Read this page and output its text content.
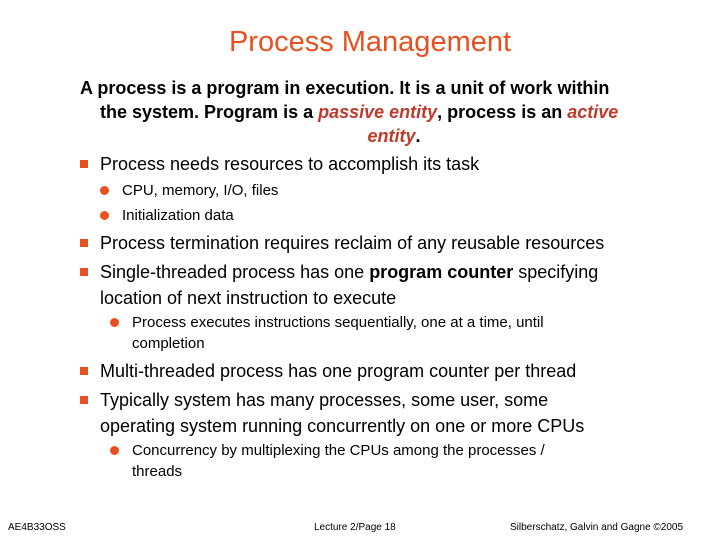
Process Management
A process is a program in execution. It is a unit of work within
the system. Program is a passive entity, process is an active
entity.
Process needs resources to accomplish its task
CPU, memory, I/O, files
Initialization data
Process termination requires reclaim of any reusable resources
Single-threaded process has one program counter specifying
location of next instruction to execute
Process executes instructions sequentially, one at a time, until
completion
Multi-threaded process has one program counter per thread
Typically system has many processes, some user, some
operating system running concurrently on one or more CPUs
Concurrency by multiplexing the CPUs among the processes /
threads
AE4B33OSS	Lecture 2/Page 18	Silberschatz, Galvin and Gagne ©2005
